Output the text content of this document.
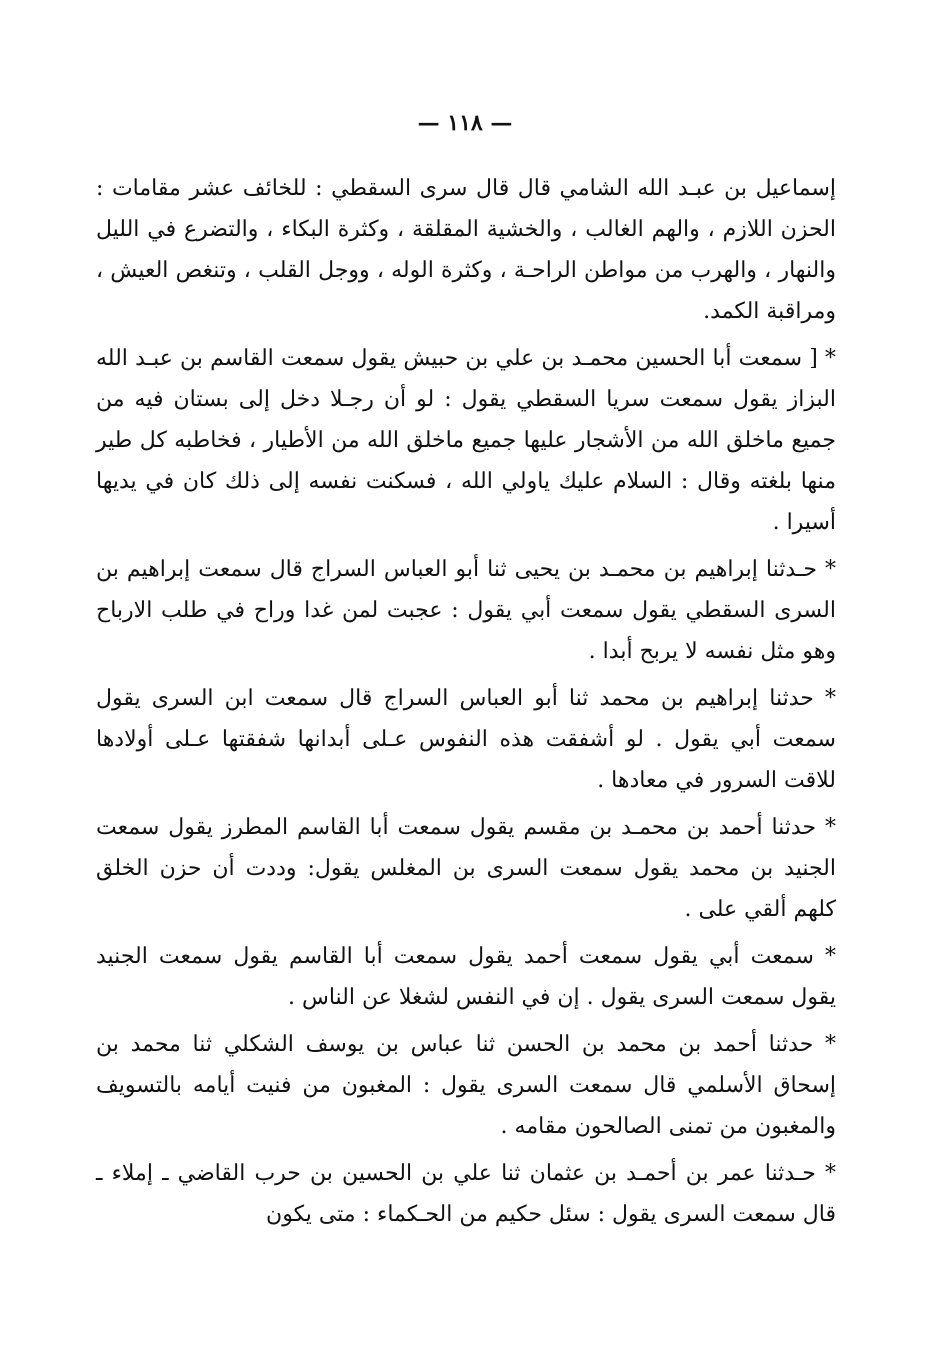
— ١١٨ —

إسماعيل بن عبـد الله الشامي قال قال سرى السقطي : للخائف عشر مقامات : الحزن اللازم ، والهم الغالب ، والخشية المقلقة ، وكثرة البكاء ، والتضرع في الليل والنهار ، والهرب من مواطن الراحـة ، وكثرة الوله ، ووجل القلب ، وتنغص العيش ، ومراقبة الكمد.

* [ سمعت أبا الحسين محمـد بن علي بن حبيش يقول سمعت القاسم بن عبـد الله البزاز يقول سمعت سريا السقطي يقول : لو أن رجـلا دخل إلى بستان فيه من جميع ماخلق الله من الأشجار عليها جميع ماخلق الله من الأطيار ، فخاطبه كل طير منها بلغته وقال : السلام عليك ياولي الله ، فسكنت نفسه إلى ذلك كان في يديها أسيرا .

* حـدثنا إبراهيم بن محمـد بن يحيى ثنا أبو العباس السراج قال سمعت إبراهيم بن السرى السقطي يقول سمعت أبي يقول : عجبت لمن غدا وراح في طلب الارباح وهو مثل نفسه لا يربح أبدا .

* حدثنا إبراهيم بن محمد ثنا أبو العباس السراج قال سمعت ابن السرى يقول سمعت أبي يقول . لو أشفقت هذه النفوس عـلى أبدانها شفقتها عـلى أولادها للاقت السرور في معادها .

* حدثنا أحمد بن محمـد بن مقسم يقول سمعت أبا القاسم المطرز يقول سمعت الجنيد بن محمد يقول سمعت السرى بن المغلس يقول: وددت أن حزن الخلق كلهم ألقي على .

* سمعت أبي يقول سمعت أحمد يقول سمعت أبا القاسم يقول سمعت الجنيد يقول سمعت السرى يقول . إن في النفس لشغلا عن الناس .

* حدثنا أحمد بن محمد بن الحسن ثنا عباس بن يوسف الشكلي ثنا محمد بن إسحاق الأسلمي قال سمعت السرى يقول : المغبون من فنيت أيامه بالتسويف والمغبون من تمنى الصالحون مقامه .

* حـدثنا عمر بن أحمـد بن عثمان ثنا علي بن الحسين بن حرب القاضي ـ إملاء ـ قال سمعت السرى يقول : سئل حكيم من الحـكماء : متى يكون
